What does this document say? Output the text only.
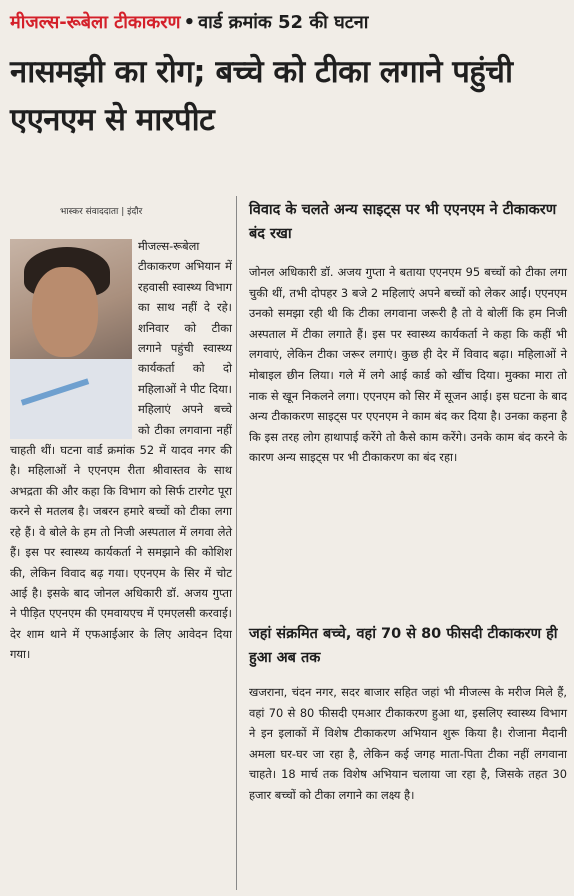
मीजल्स-रूबेला टीकाकरण • वार्ड क्रमांक 52 की घटना
नासमझी का रोग; बच्चे को टीका लगाने पहुंची एएनएम से मारपीट
भास्कर संवाददाता | इंदौर

मीजल्स-रूबेला टीकाकरण अभियान में रहवासी स्वास्थ्य विभाग का साथ नहीं दे रहे। शनिवार को टीका लगाने पहुंची स्वास्थ्य कार्यकर्ता को दो महिलाओं ने पीट दिया। महिलाएं अपने बच्चे को टीका लगवाना नहीं चाहती थीं। घटना वार्ड क्रमांक 52 में यादव नगर की है। महिलाओं ने एएनएम रीता श्रीवास्तव के साथ अभद्रता की और कहा कि विभाग को सिर्फ टारगेट पूरा करने से मतलब है। जबरन हमारे बच्चों को टीका लगा रहे हैं। वे बोले के हम तो निजी अस्पताल में लगवा लेते हैं। इस पर स्वास्थ्य कार्यकर्ता ने समझाने की कोशिश की, लेकिन विवाद बढ़ गया। एएनएम के सिर में चोट आई है। इसके बाद जोनल अधिकारी डॉ. अजय गुप्ता ने पीड़ित एएनएम की एमवायएच में एमएलसी करवाई। देर शाम थाने में एफआईआर के लिए आवेदन दिया गया।

विवाद के चलते अन्य साइट्स पर भी एएनएम ने टीकाकरण बंद रखा

जोनल अधिकारी डॉ. अजय गुप्ता ने बताया एएनएम 95 बच्चों को टीका लगा चुकी थीं, तभी दोपहर 3 बजे 2 महिलाएं अपने बच्चों को लेकर आईं। एएनएम उनको समझा रही थी कि टीका लगवाना जरूरी है तो वे बोलीं कि हम निजी अस्पताल में टीका लगाते हैं। इस पर स्वास्थ्य कार्यकर्ता ने कहा कि कहीं भी लगवाएं, लेकिन टीका जरूर लगाएं। कुछ ही देर में विवाद बढ़ा। महिलाओं ने मोबाइल छीन लिया। गले में लगे आई कार्ड को खींच दिया। मुक्का मारा तो नाक से खून निकलने लगा। एएनएम को सिर में सूजन आई। इस घटना के बाद अन्य टीकाकरण साइट्स पर एएनएम ने काम बंद कर दिया है। उनका कहना है कि इस तरह लोग हाथापाई करेंगे तो कैसे काम करेंगे। उनके काम बंद करने के कारण अन्य साइट्स पर भी टीकाकरण का बंद रहा।

जहां संक्रमित बच्चे, वहां 70 से 80 फीसदी टीकाकरण ही हुआ अब तक

खजराना, चंदन नगर, सदर बाजार सहित जहां भी मीजल्स के मरीज मिले हैं, वहां 70 से 80 फीसदी एमआर टीकाकरण हुआ था, इसलिए स्वास्थ्य विभाग ने इन इलाकों में विशेष टीकाकरण अभियान शुरू किया है। रोजाना मैदानी अमला घर-घर जा रहा है, लेकिन कई जगह माता-पिता टीका नहीं लगवाना चाहते। 18 मार्च तक विशेष अभियान चलाया जा रहा है, जिसके तहत 30 हजार बच्चों को टीका लगाने का लक्ष्य है।
